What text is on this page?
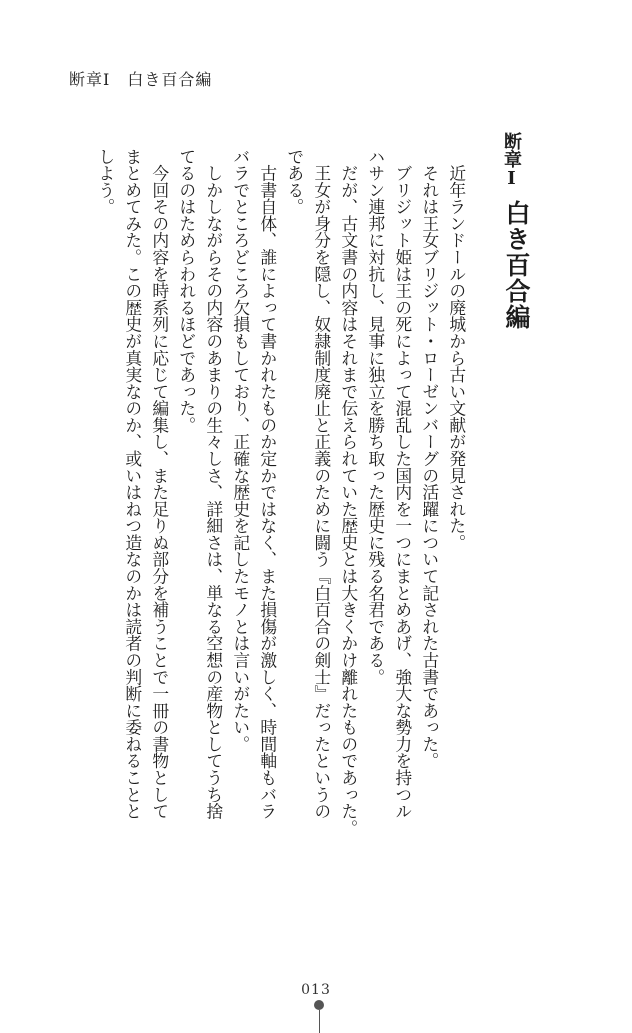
断章Ⅰ　白き百合編
断章Ⅰ
白き百合編
　近年ランドールの廃城から古い文献が発見された。
　それは王女ブリジット・ローゼンバーグの活躍について記された古書であった。
　ブリジット姫は王の死によって混乱した国内を一つにまとめあげ、強大な勢力を持つル
ハサン連邦に対抗し、見事に独立を勝ち取った歴史に残る名君である。
　だが、古文書の内容はそれまで伝えられていた歴史とは大きくかけ離れたものであった。
　王女が身分を隠し、奴隷制度廃止と正義のために闘う『白百合の剣士』だったというの
である。
　古書自体、誰によって書かれたものか定かではなく、また損傷が激しく、時間軸もバラ
バラでところどころ欠損もしており、正確な歴史を記したモノとは言いがたい。
　しかしながらその内容のあまりの生々しさ、詳細さは、単なる空想の産物としてうち捨
てるのはためらわれるほどであった。
　今回その内容を時系列に応じて編集し、また足りぬ部分を補うことで一冊の書物として
まとめてみた。この歴史が真実なのか、或いはねつ造なのかは読者の判断に委ねることと
しよう。
013
